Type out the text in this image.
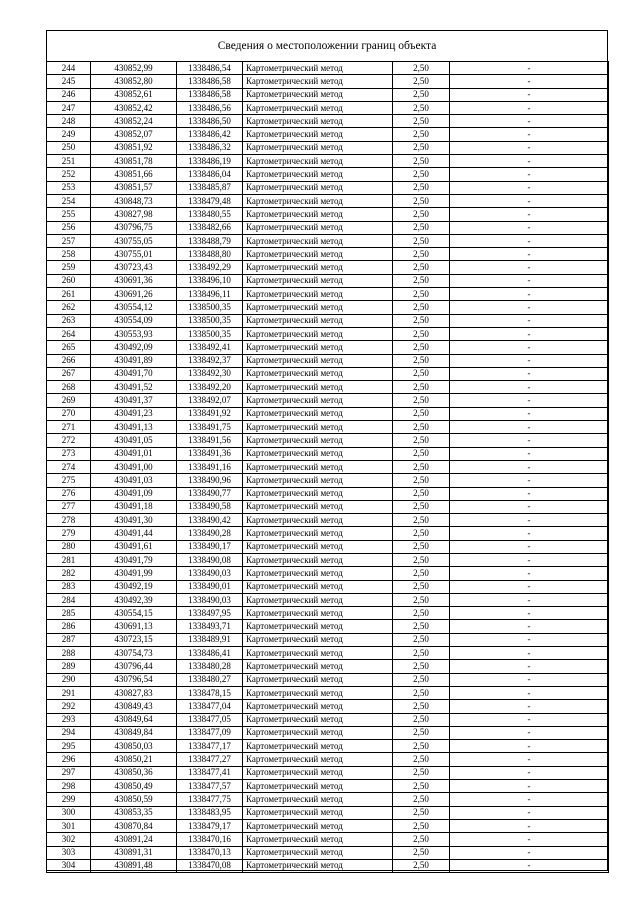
Сведения о местоположении границ объекта
244	430852,99	1338486,54	Картометрический метод	2,50	-
245	430852,80	1338486,58	Картометрический метод	2,50	-
246	430852,61	1338486,58	Картометрический метод	2,50	-
247	430852,42	1338486,56	Картометрический метод	2,50	-
248	430852,24	1338486,50	Картометрический метод	2,50	-
249	430852,07	1338486,42	Картометрический метод	2,50	-
250	430851,92	1338486,32	Картометрический метод	2,50	-
251	430851,78	1338486,19	Картометрический метод	2,50	-
252	430851,66	1338486,04	Картометрический метод	2,50	-
253	430851,57	1338485,87	Картометрический метод	2,50	-
254	430848,73	1338479,48	Картометрический метод	2,50	-
255	430827,98	1338480,55	Картометрический метод	2,50	-
256	430796,75	1338482,66	Картометрический метод	2,50	-
257	430755,05	1338488,79	Картометрический метод	2,50	-
258	430755,01	1338488,80	Картометрический метод	2,50	-
259	430723,43	1338492,29	Картометрический метод	2,50	-
260	430691,36	1338496,10	Картометрический метод	2,50	-
261	430691,26	1338496,11	Картометрический метод	2,50	-
262	430554,12	1338500,35	Картометрический метод	2,50	-
263	430554,09	1338500,35	Картометрический метод	2,50	-
264	430553,93	1338500,35	Картометрический метод	2,50	-
265	430492,09	1338492,41	Картометрический метод	2,50	-
266	430491,89	1338492,37	Картометрический метод	2,50	-
267	430491,70	1338492,30	Картометрический метод	2,50	-
268	430491,52	1338492,20	Картометрический метод	2,50	-
269	430491,37	1338492,07	Картометрический метод	2,50	-
270	430491,23	1338491,92	Картометрический метод	2,50	-
271	430491,13	1338491,75	Картометрический метод	2,50	-
272	430491,05	1338491,56	Картометрический метод	2,50	-
273	430491,01	1338491,36	Картометрический метод	2,50	-
274	430491,00	1338491,16	Картометрический метод	2,50	-
275	430491,03	1338490,96	Картометрический метод	2,50	-
276	430491,09	1338490,77	Картометрический метод	2,50	-
277	430491,18	1338490,58	Картометрический метод	2,50	-
278	430491,30	1338490,42	Картометрический метод	2,50	-
279	430491,44	1338490,28	Картометрический метод	2,50	-
280	430491,61	1338490,17	Картометрический метод	2,50	-
281	430491,79	1338490,08	Картометрический метод	2,50	-
282	430491,99	1338490,03	Картометрический метод	2,50	-
283	430492,19	1338490,01	Картометрический метод	2,50	-
284	430492,39	1338490,03	Картометрический метод	2,50	-
285	430554,15	1338497,95	Картометрический метод	2,50	-
286	430691,13	1338493,71	Картометрический метод	2,50	-
287	430723,15	1338489,91	Картометрический метод	2,50	-
288	430754,73	1338486,41	Картометрический метод	2,50	-
289	430796,44	1338480,28	Картометрический метод	2,50	-
290	430796,54	1338480,27	Картометрический метод	2,50	-
291	430827,83	1338478,15	Картометрический метод	2,50	-
292	430849,43	1338477,04	Картометрический метод	2,50	-
293	430849,64	1338477,05	Картометрический метод	2,50	-
294	430849,84	1338477,09	Картометрический метод	2,50	-
295	430850,03	1338477,17	Картометрический метод	2,50	-
296	430850,21	1338477,27	Картометрический метод	2,50	-
297	430850,36	1338477,41	Картометрический метод	2,50	-
298	430850,49	1338477,57	Картометрический метод	2,50	-
299	430850,59	1338477,75	Картометрический метод	2,50	-
300	430853,35	1338483,95	Картометрический метод	2,50	-
301	430870,84	1338479,17	Картометрический метод	2,50	-
302	430891,24	1338470,16	Картометрический метод	2,50	-
303	430891,31	1338470,13	Картометрический метод	2,50	-
304	430891,48	1338470,08	Картометрический метод	2,50	-
